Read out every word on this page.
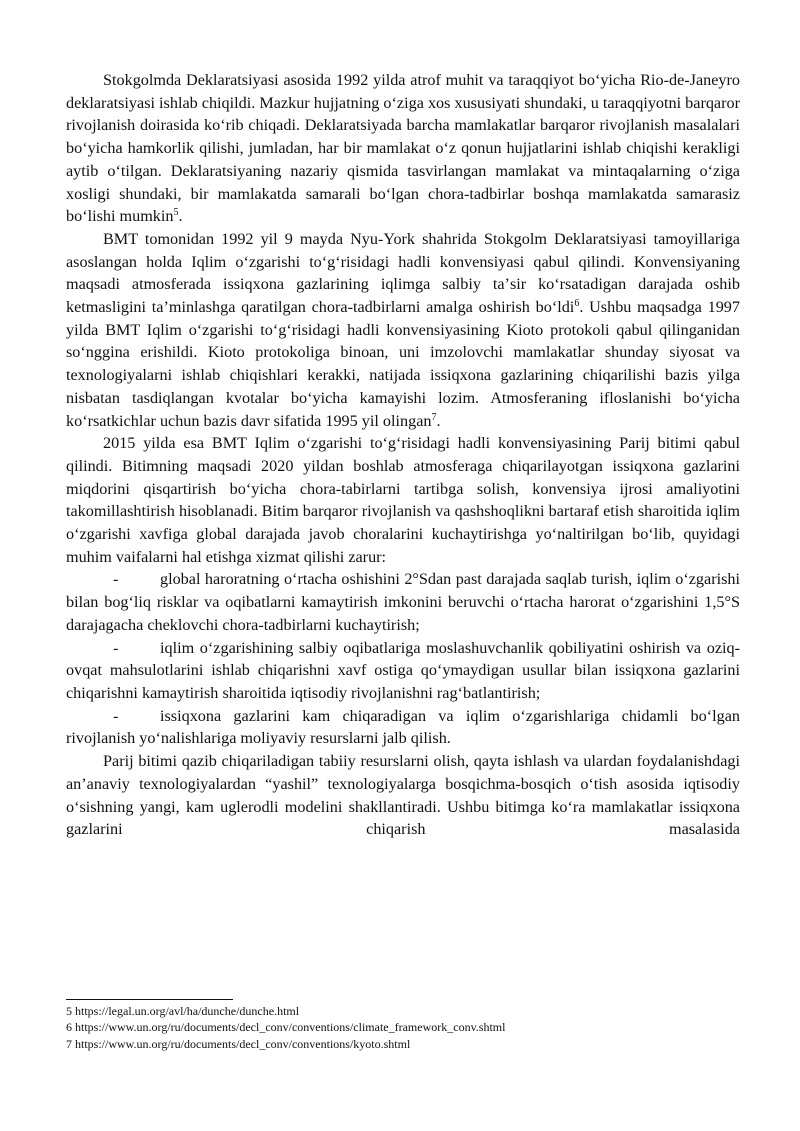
Stokgolmda Deklaratsiyasi asosida 1992 yilda atrof muhit va taraqqiyot boʻyicha Rio-de-Janeyro deklaratsiyasi ishlab chiqildi. Mazkur hujjatning oʻziga xos xususiyati shundaki, u taraqqiyotni barqaror rivojlanish doirasida koʻrib chiqadi. Deklaratsiyada barcha mamlakatlar barqaror rivojlanish masalalari boʻyicha hamkorlik qilishi, jumladan, har bir mamlakat oʻz qonun hujjatlarini ishlab chiqishi kerakligi aytib oʻtilgan. Deklaratsiyaning nazariy qismida tasvirlangan mamlakat va mintaqalarning oʻziga xosligi shundaki, bir mamlakatda samarali boʻlgan chora-tadbirlar boshqa mamlakatda samarasiz boʻlishi mumkin$^5$.

BMT tomonidan 1992 yil 9 mayda Nyu-York shahrida Stokgolm Deklaratsiyasi tamoyillariga asoslangan holda Iqlim oʻzgarishi toʻgʻrisidagi hadli konvensiyasi qabul qilindi. Konvensiyaning maqsadi atmosferada issiqxona gazlarining iqlimga salbiy taʼsir koʻrsatadigan darajada oshib ketmasligini taʼminlashga qaratilgan chora-tadbirlarni amalga oshirish boʻldi$^6$. Ushbu maqsadga 1997 yilda BMT Iqlim oʻzgarishi toʻgʻrisidagi hadli konvensiyasining Kioto protokoli qabul qilinganidan soʻnggina erishildi. Kioto protokoliga binoan, uni imzolovchi mamlakatlar shunday siyosat va texnologiyalarni ishlab chiqishlari kerakki, natijada issiqxona gazlarining chiqarilishi bazis yilga nisbatan tasdiqlangan kvotalar boʻyicha kamayishi lozim. Atmosferaning ifloslanishi boʻyicha koʻrsatkichlar uchun bazis davr sifatida 1995 yil olingan$^7$.

2015 yilda esa BMT Iqlim oʻzgarishi toʻgʻrisidagi hadli konvensiyasining Parij bitimi qabul qilindi. Bitimning maqsadi 2020 yildan boshlab atmosferaga chiqarilayotgan issiqxona gazlarini miqdorini qisqartirish boʻyicha chora-tabirlarni tartibga solish, konvensiya ijrosi amaliyotini takomillashtirish hisoblanadi. Bitim barqaror rivojlanish va qashshoqlikni bartaraf etish sharoitida iqlim oʻzgarishi xavfiga global darajada javob choralarini kuchaytirishga yoʻnaltirilgan boʻlib, quyidagi muhim vaifalarni hal etishga xizmat qilishi zarur:

-	global haroratning oʻrtacha oshishini 2°Sdan past darajada saqlab turish, iqlim oʻzgarishi bilan bogʻliq risklar va oqibatlarni kamaytirish imkonini beruvchi oʻrtacha harorat oʻzgarishini 1,5°S darajagacha cheklovchi chora-tadbirlarni kuchaytirish;

-	iqlim oʻzgarishining salbiy oqibatlariga moslashuvchanlik qobiliyatini oshirish va oziq-ovqat mahsulotlarini ishlab chiqarishni xavf ostiga qoʻymaydigan usullar bilan issiqxona gazlarini chiqarishni kamaytirish sharoitida iqtisodiy rivojlanishni ragʻbatlantirish;

-	issiqxona gazlarini kam chiqaradigan va iqlim oʻzgarishlariga chidamli boʻlgan rivojlanish yoʻnalishlariga moliyaviy resurslarni jalb qilish.

Parij bitimi qazib chiqariladigan tabiiy resurslarni olish, qayta ishlash va ulardan foydalanishdagi anʼanaviy texnologiyalardan “yashil” texnologiyalarga bosqichma-bosqich oʻtish asosida iqtisodiy oʻsishning yangi, kam uglerodli modelini shakllantiradi. Ushbu bitimga koʻra mamlakatlar issiqxona gazlarini chiqarish masalasida

5 https://legal.un.org/avl/ha/dunche/dunche.html

6 https://www.un.org/ru/documents/decl_conv/conventions/climate_framework_conv.shtml

7 https://www.un.org/ru/documents/decl_conv/conventions/kyoto.shtml
